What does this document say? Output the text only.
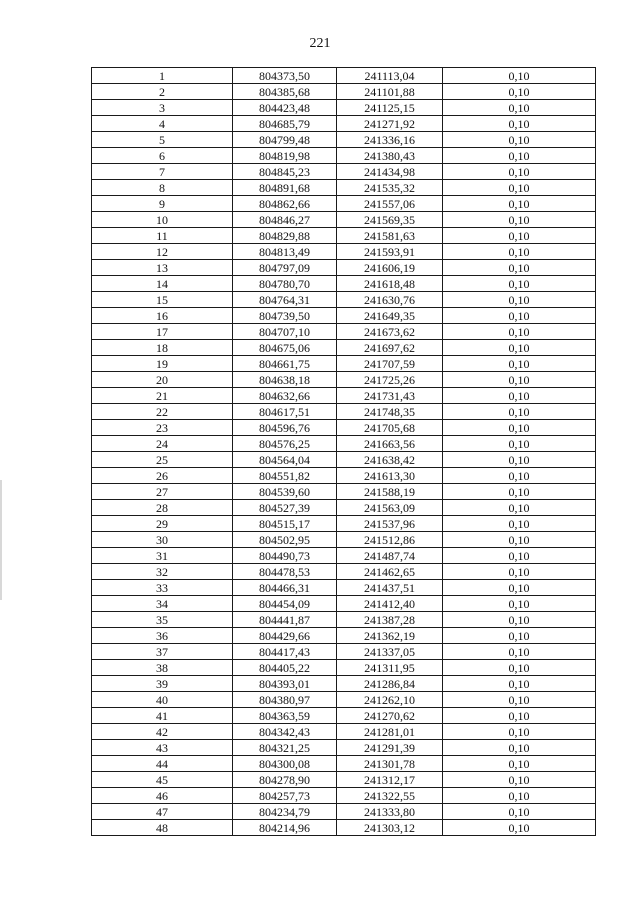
221
1	804373,50	241113,04	0,10
2	804385,68	241101,88	0,10
3	804423,48	241125,15	0,10
4	804685,79	241271,92	0,10
5	804799,48	241336,16	0,10
6	804819,98	241380,43	0,10
7	804845,23	241434,98	0,10
8	804891,68	241535,32	0,10
9	804862,66	241557,06	0,10
10	804846,27	241569,35	0,10
11	804829,88	241581,63	0,10
12	804813,49	241593,91	0,10
13	804797,09	241606,19	0,10
14	804780,70	241618,48	0,10
15	804764,31	241630,76	0,10
16	804739,50	241649,35	0,10
17	804707,10	241673,62	0,10
18	804675,06	241697,62	0,10
19	804661,75	241707,59	0,10
20	804638,18	241725,26	0,10
21	804632,66	241731,43	0,10
22	804617,51	241748,35	0,10
23	804596,76	241705,68	0,10
24	804576,25	241663,56	0,10
25	804564,04	241638,42	0,10
26	804551,82	241613,30	0,10
27	804539,60	241588,19	0,10
28	804527,39	241563,09	0,10
29	804515,17	241537,96	0,10
30	804502,95	241512,86	0,10
31	804490,73	241487,74	0,10
32	804478,53	241462,65	0,10
33	804466,31	241437,51	0,10
34	804454,09	241412,40	0,10
35	804441,87	241387,28	0,10
36	804429,66	241362,19	0,10
37	804417,43	241337,05	0,10
38	804405,22	241311,95	0,10
39	804393,01	241286,84	0,10
40	804380,97	241262,10	0,10
41	804363,59	241270,62	0,10
42	804342,43	241281,01	0,10
43	804321,25	241291,39	0,10
44	804300,08	241301,78	0,10
45	804278,90	241312,17	0,10
46	804257,73	241322,55	0,10
47	804234,79	241333,80	0,10
48	804214,96	241303,12	0,10
